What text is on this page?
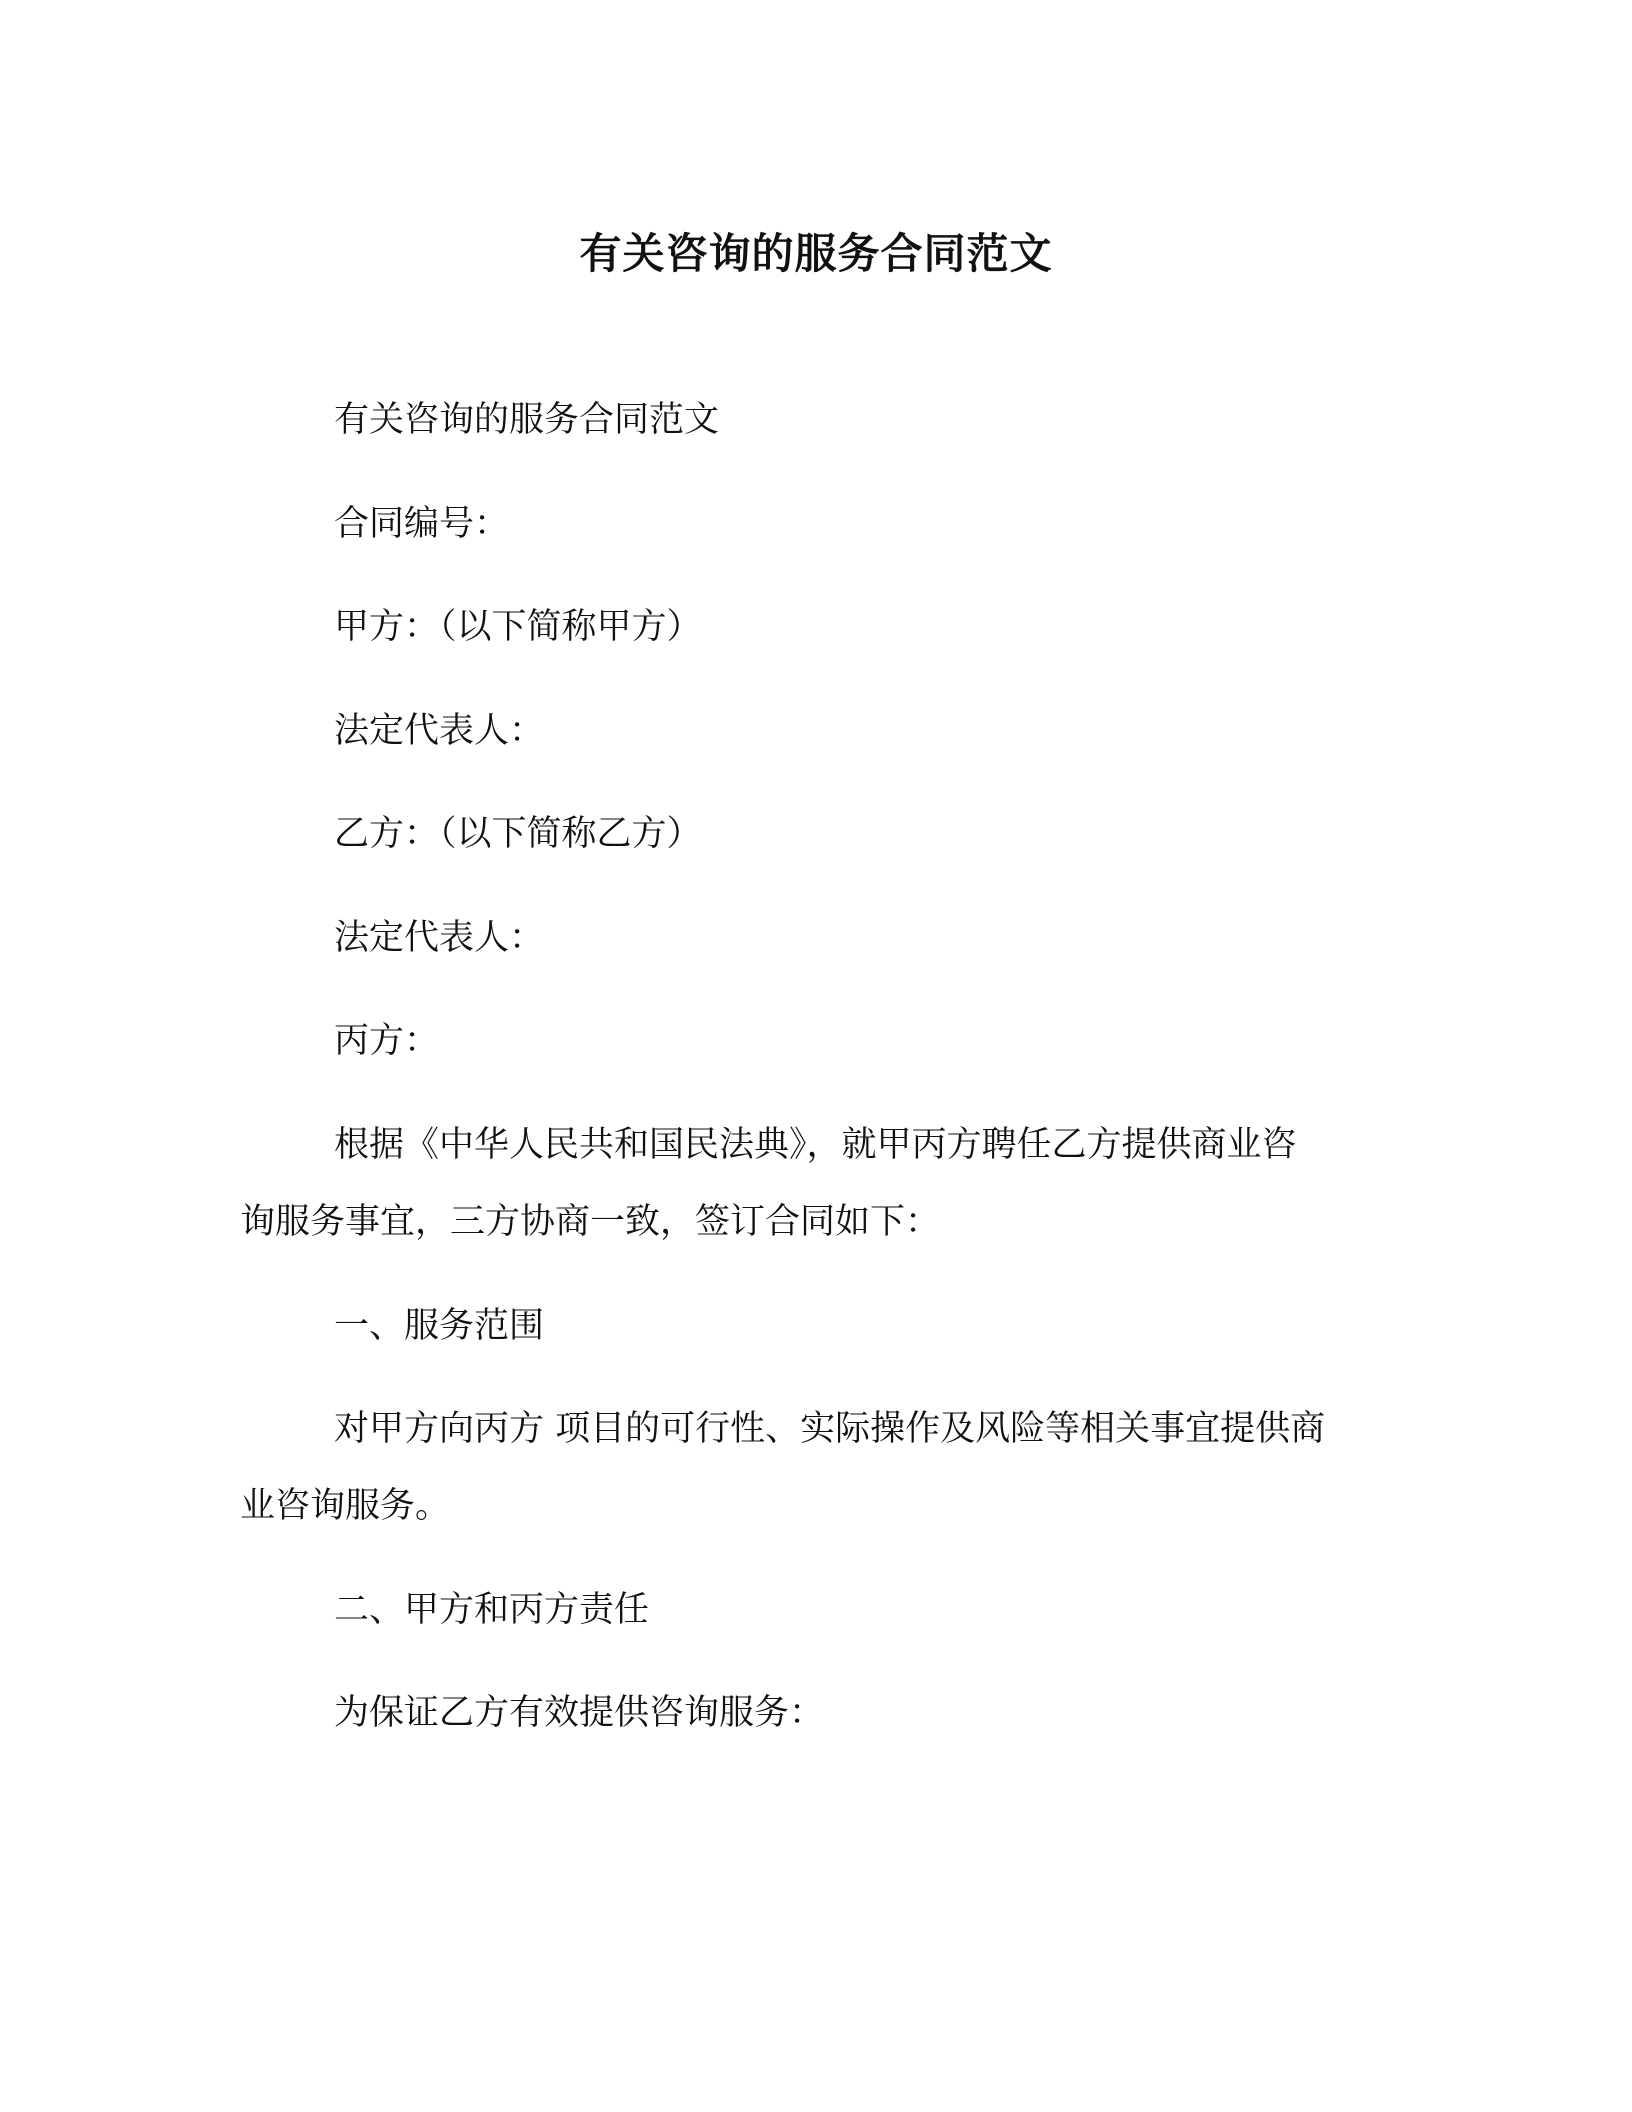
有关咨询的服务合同范文
有关咨询的服务合同范文
合同编号：
甲方：（以下简称甲方）
法定代表人：
乙方：（以下简称乙方）
法定代表人：
丙方：
根据《中华人民共和国民法典》，就甲丙方聘任乙方提供商业咨
询服务事宜，三方协商一致，签订合同如下：
一、服务范围
对甲方向丙方 项目的可行性、实际操作及风险等相关事宜提供商
业咨询服务。
二、甲方和丙方责任
为保证乙方有效提供咨询服务：
